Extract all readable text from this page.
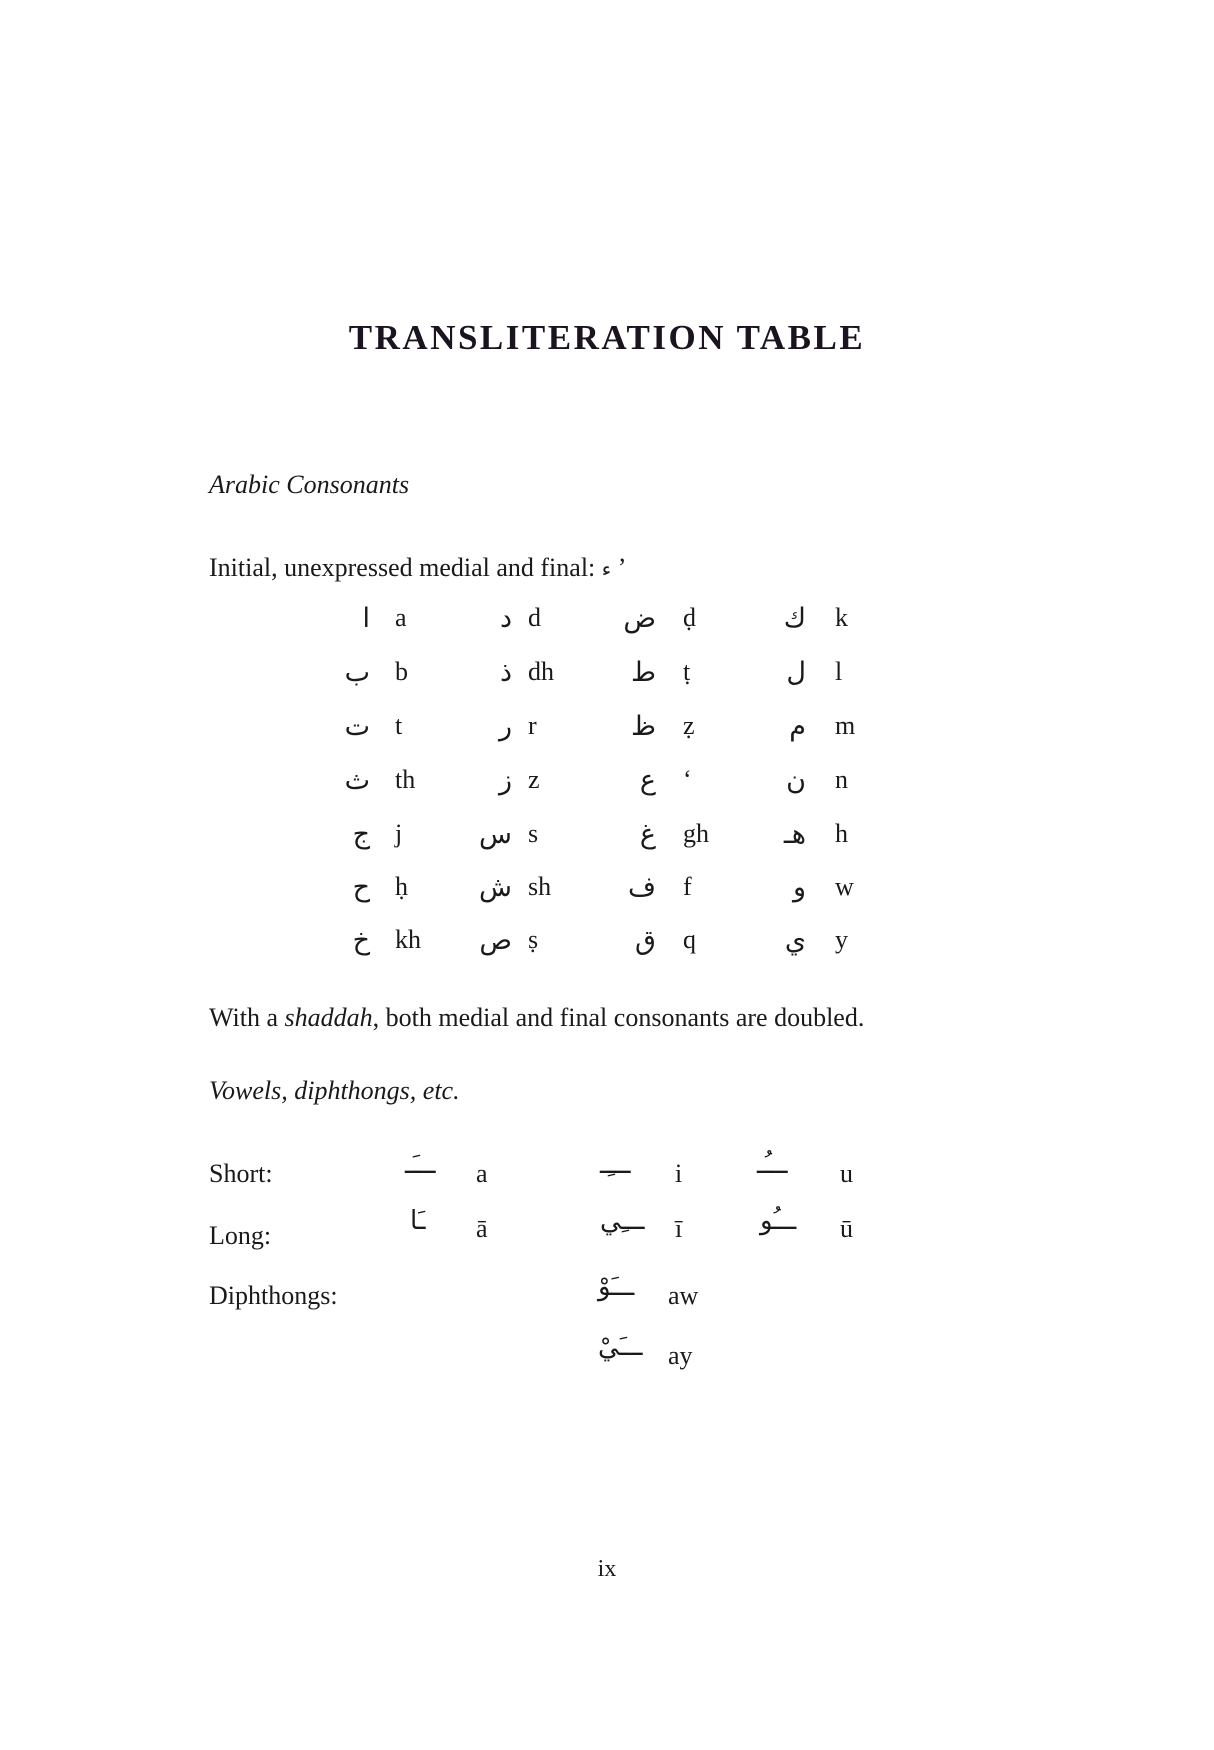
TRANSLITERATION TABLE
Arabic Consonants
Initial, unexpressed medial and final: ء ’
ا a	د d	ض ḍ	ك k
ب b	ذ dh	ط ṭ	ل l
ت t	ر r	ظ ẓ	م m
ث th	ز z	ع ‘	ن n
ج j	س s	غ gh	هـ h
ح ḥ	ش sh	ف f	و w
خ kh	ص ṣ	ق q	ي y
With a shaddah, both medial and final consonants are doubled.
Vowels, diphthongs, etc.
Short:	ـــَـ a	ـــِـ i	ـــُـ u
Long:	ـَا ā	ـــِي ī	ـــُو ū
Diphthongs:	ـــَوْ aw
ـــَيْ ay
ix
